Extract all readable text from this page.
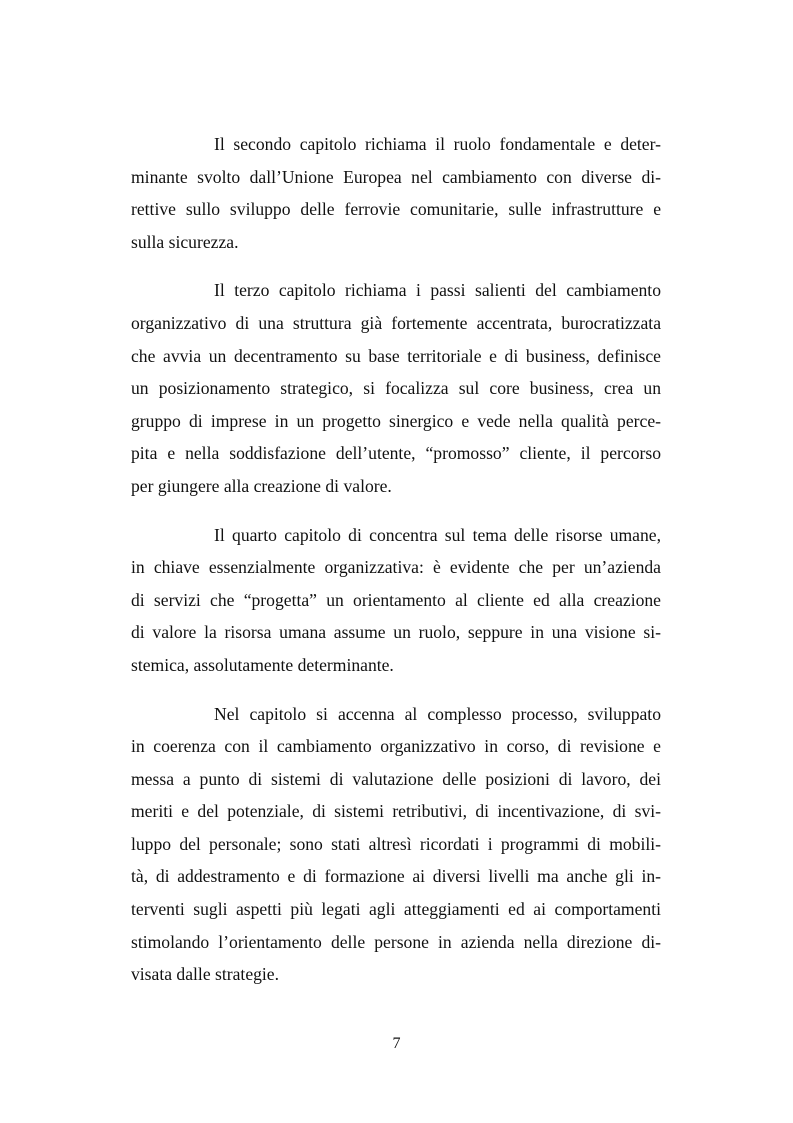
Il secondo capitolo richiama il ruolo fondamentale e deter-
minante svolto dall’Unione Europea nel cambiamento con diverse di-
rettive sullo sviluppo delle ferrovie comunitarie, sulle infrastrutture e
sulla sicurezza.
Il terzo capitolo richiama i passi salienti del cambiamento
organizzativo di una struttura già fortemente accentrata, burocratizzata
che avvia un decentramento su base territoriale e di business, definisce
un posizionamento strategico, si focalizza sul core business, crea un
gruppo di imprese in un progetto sinergico e vede nella qualità perce-
pita e nella soddisfazione dell’utente, “promosso” cliente, il percorso
per giungere alla creazione di valore.
Il quarto capitolo di concentra sul tema delle risorse umane,
in chiave essenzialmente organizzativa: è evidente che per un’azienda
di servizi che “progetta” un orientamento al cliente ed alla creazione
di valore la risorsa umana assume un ruolo, seppure in una visione si-
stemica, assolutamente determinante.
Nel capitolo si accenna al complesso processo, sviluppato
in coerenza con il cambiamento organizzativo in corso, di revisione e
messa a punto di sistemi di valutazione delle posizioni di lavoro, dei
meriti e del potenziale, di sistemi retributivi, di incentivazione, di svi-
luppo del personale; sono stati altresì ricordati i programmi di mobili-
tà, di addestramento e di formazione ai diversi livelli ma anche gli in-
terventi sugli aspetti più legati agli atteggiamenti ed ai comportamenti
stimolando l’orientamento delle persone in azienda nella direzione di-
visata dalle strategie.
7
